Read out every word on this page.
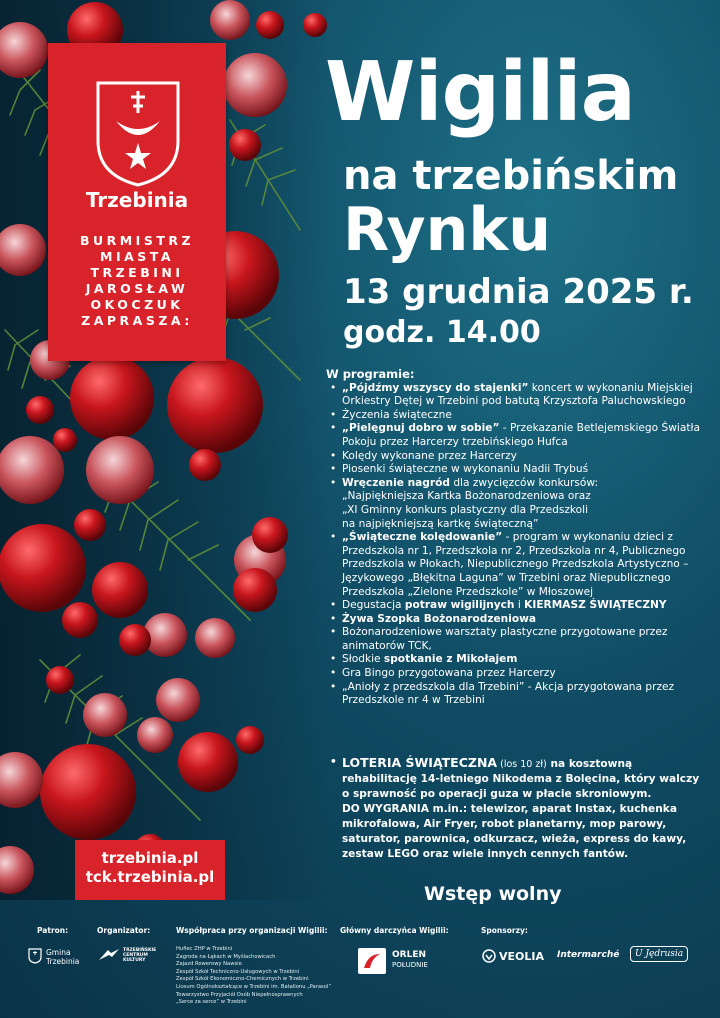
Trzebinia
BURMISTRZ
MIASTA
TRZEBINI
JAROSŁAW
OKOCZUK
ZAPRASZA:
Wigilia
na trzebińskim
Rynku
13 grudnia 2025 r.
godz. 14.00
W programie:
• „Pójdźmy wszyscy do stajenki” koncert w wykonaniu Miejskiej Orkiestry Dętej w Trzebini pod batutą Krzysztofa Paluchowskiego
• Życzenia świąteczne
• „Pielęgnuj dobro w sobie” - Przekazanie Betlejemskiego Światła Pokoju przez Harcerzy trzebińskiego Hufca
• Kolędy wykonane przez Harcerzy
• Piosenki świąteczne w wykonaniu Nadii Trybuś
• Wręczenie nagród dla zwycięzców konkursów:
„Najpiękniejsza Kartka Bożonarodzeniowa oraz
„XI Gminny konkurs plastyczny dla Przedszkoli
na najpiękniejszą kartkę świąteczną”
• „Świąteczne kolędowanie” - program w wykonaniu dzieci z Przedszkola nr 1, Przedszkola nr 2, Przedszkola nr 4, Publicznego Przedszkola w Płokach, Niepublicznego Przedszkola Artystyczno – Językowego „Błękitna Laguna” w Trzebini oraz Niepublicznego Przedszkola „Zielone Przedszkole” w Młoszowej
• Degustacja potraw wigilijnych i KIERMASZ ŚWIĄTECZNY
• Żywa Szopka Bożonarodzeniowa
• Bożonarodzeniowe warsztaty plastyczne przygotowane przez animatorów TCK,
• Słodkie spotkanie z Mikołajem
• Gra Bingo przygotowana przez Harcerzy
• „Anioły z przedszkola dla Trzebini” - Akcja przygotowana przez Przedszkole nr 4 w Trzebini
• LOTERIA ŚWIĄTECZNA (los 10 zł) na kosztowną rehabilitację 14-letniego Nikodema z Bolęcina, który walczy o sprawność po operacji guza w płacie skroniowym.
DO WYGRANIA m.in.: telewizor, aparat Instax, kuchenka mikrofalowa, Air Fryer, robot planetarny, mop parowy, saturator, parownica, odkurzacz, wieża, express do kawy, zestaw LEGO oraz wiele innych cennych fantów.
trzebinia.pl
tck.trzebinia.pl
Wstęp wolny
Patron:	Organizator:	Współpraca przy organizacji Wigilii: Główny darczyńca Wigilii:	Sponsorzy:
Gmina
Trzebinia
TRZEBIŃSKIE
CENTRUM
KULTURY
Hufiec ZHP w Trzebini
Zagroda na Łąkach w Myślachowicach
Zajazd Rowerowy Nawsie
Zespół Szkół Techniczno-Usługowych w Trzebini
Zespół Szkół Ekonomiczno-Chemicznych w Trzebini
Liceum Ogólnokształcące w Trzebini im. Batalionu „Parasol”
Towarzystwo Przyjaciół Osób Niepełnosprawnych
„Serce za serce” w Trzebini
ORLEN
POŁUDNIE
VEOLIA Intermarché	U Jędrusia
